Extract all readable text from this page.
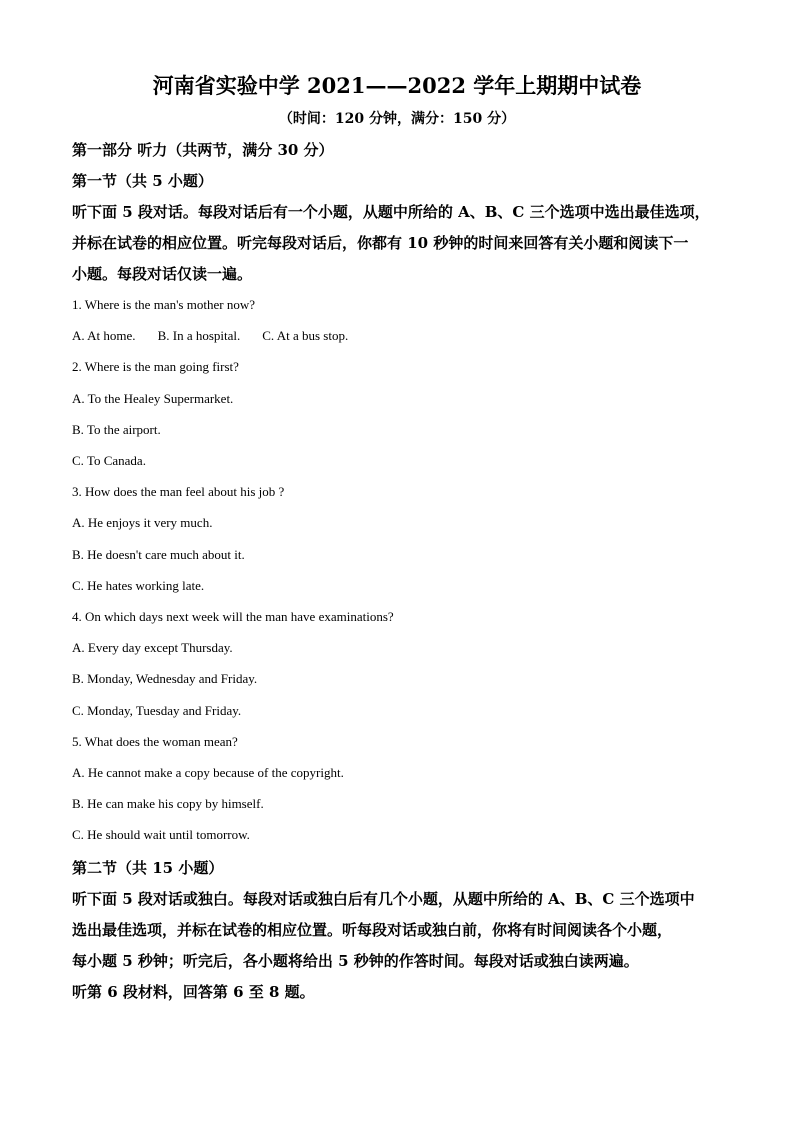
河南省实验中学 2021——2022 学年上期期中试卷
（时间：120 分钟，满分：150 分）
第一部分 听力（共两节，满分 30 分）
第一节（共 5 小题）
听下面 5 段对话。每段对话后有一个小题，从题中所给的 A、B、C 三个选项中选出最佳选项，
并标在试卷的相应位置。听完每段对话后，你都有 10 秒钟的时间来回答有关小题和阅读下一
小题。每段对话仅读一遍。
1. Where is the man's mother now?
A. At home. B. In a hospital. C. At a bus stop.
2. Where is the man going first?
A. To the Healey Supermarket.
B. To the airport.
C. To Canada.
3. How does the man feel about his job ?
A. He enjoys it very much.
B. He doesn't care much about it.
C. He hates working late.
4. On which days next week will the man have examinations?
A. Every day except Thursday.
B. Monday, Wednesday and Friday.
C. Monday, Tuesday and Friday.
5. What does the woman mean?
A. He cannot make a copy because of the copyright.
B. He can make his copy by himself.
C. He should wait until tomorrow.
第二节（共 15 小题）
听下面 5 段对话或独白。每段对话或独白后有几个小题，从题中所给的 A、B、C 三个选项中
选出最佳选项，并标在试卷的相应位置。听每段对话或独白前，你将有时间阅读各个小题，
每小题 5 秒钟；听完后，各小题将给出 5 秒钟的作答时间。每段对话或独白读两遍。
听第 6 段材料，回答第 6 至 8 题。
